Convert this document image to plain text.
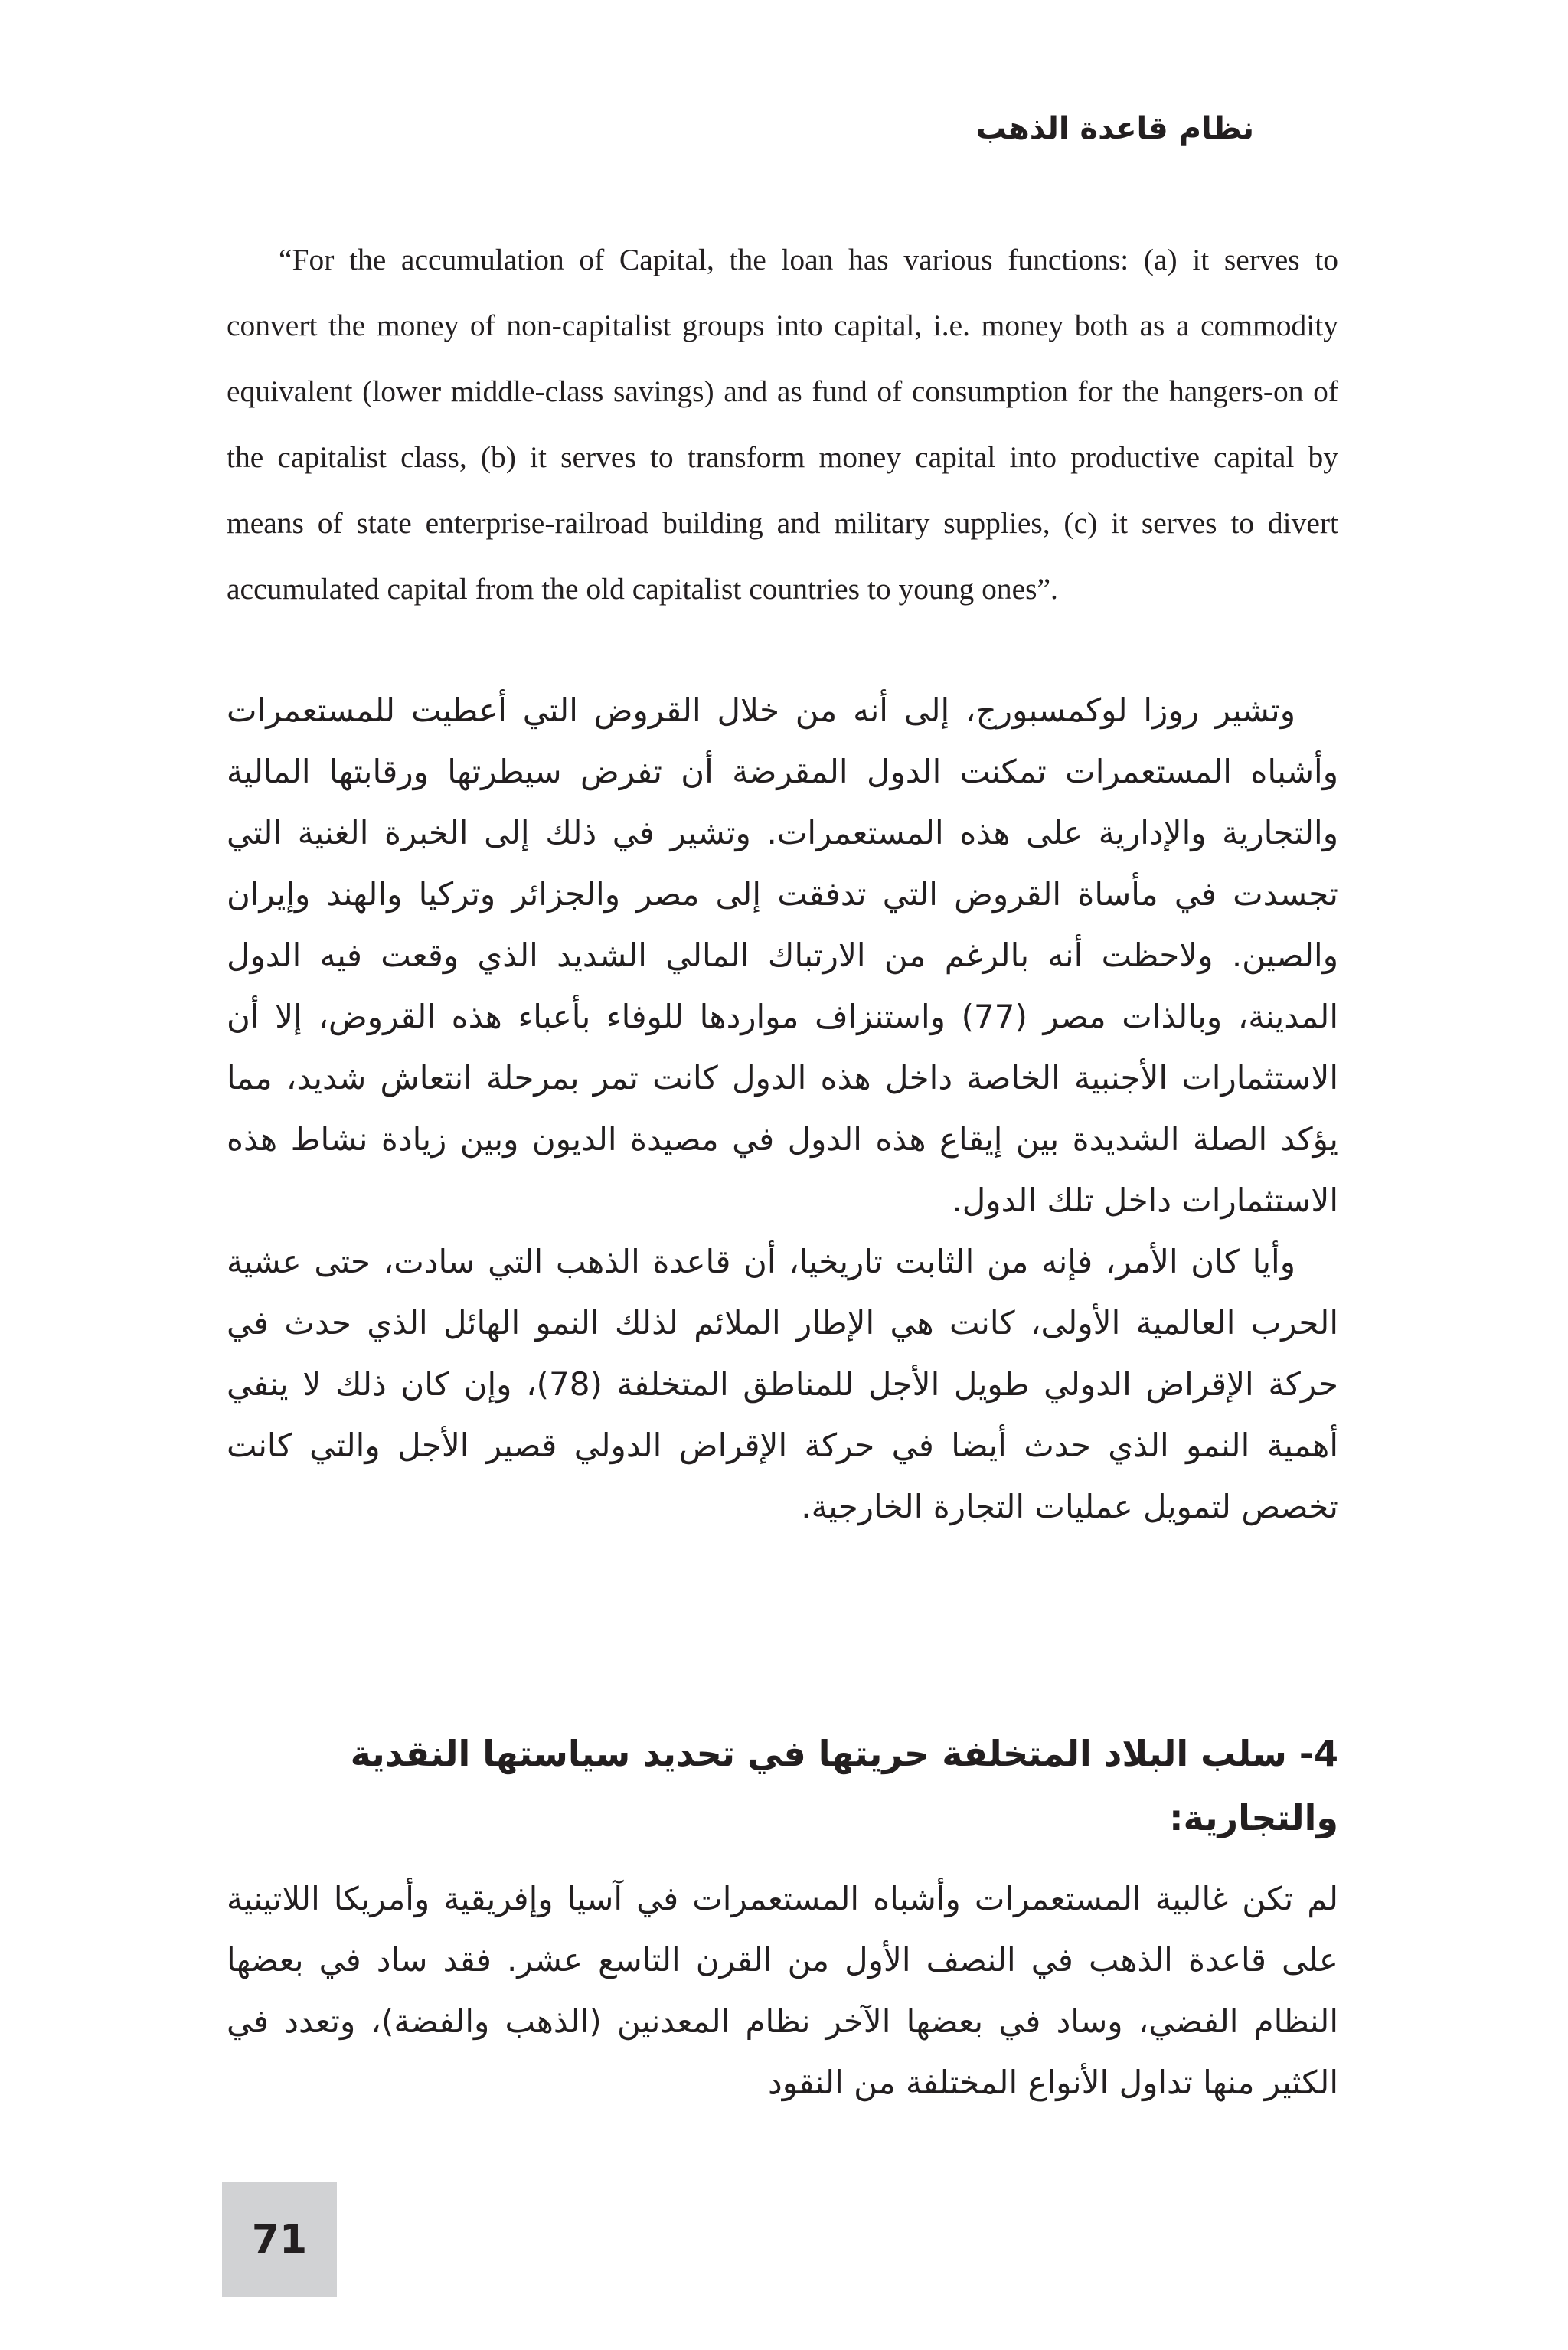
نظام قاعدة الذهب

“For the accumulation of Capital, the loan has various functions: (a) it serves to convert the money of non-capitalist groups into capital, i.e. money both as a commodity equivalent (lower middle-class savings) and as fund of consumption for the hangers-on of the capitalist class, (b) it serves to transform money capital into productive capital by means of state enterprise-railroad building and military supplies, (c) it serves to divert accumulated capital from the old capitalist countries to young ones”.

وتشير روزا لوكمسبورج، إلى أنه من خلال القروض التي أعطيت للمستعمرات وأشباه المستعمرات تمكنت الدول المقرضة أن تفرض سيطرتها ورقابتها المالية والتجارية والإدارية على هذه المستعمرات. وتشير في ذلك إلى الخبرة الغنية التي تجسدت في مأساة القروض التي تدفقت إلى مصر والجزائر وتركيا والهند وإيران والصين. ولاحظت أنه بالرغم من الارتباك المالي الشديد الذي وقعت فيه الدول المدينة، وبالذات مصر (77) واستنزاف مواردها للوفاء بأعباء هذه القروض، إلا أن الاستثمارات الأجنبية الخاصة داخل هذه الدول كانت تمر بمرحلة انتعاش شديد، مما يؤكد الصلة الشديدة بين إيقاع هذه الدول في مصيدة الديون وبين زيادة نشاط هذه الاستثمارات داخل تلك الدول.

وأيا كان الأمر، فإنه من الثابت تاريخيا، أن قاعدة الذهب التي سادت، حتى عشية الحرب العالمية الأولى، كانت هي الإطار الملائم لذلك النمو الهائل الذي حدث في حركة الإقراض الدولي طويل الأجل للمناطق المتخلفة (78)، وإن كان ذلك لا ينفي أهمية النمو الذي حدث أيضا في حركة الإقراض الدولي قصير الأجل والتي كانت تخصص لتمويل عمليات التجارة الخارجية.

4- سلب البلاد المتخلفة حريتها في تحديد سياستها النقدية والتجارية:

لم تكن غالبية المستعمرات وأشباه المستعمرات في آسيا وإفريقية وأمريكا اللاتينية على قاعدة الذهب في النصف الأول من القرن التاسع عشر. فقد ساد في بعضها النظام الفضي، وساد في بعضها الآخر نظام المعدنين (الذهب والفضة)، وتعدد في الكثير منها تداول الأنواع المختلفة من النقود

71
